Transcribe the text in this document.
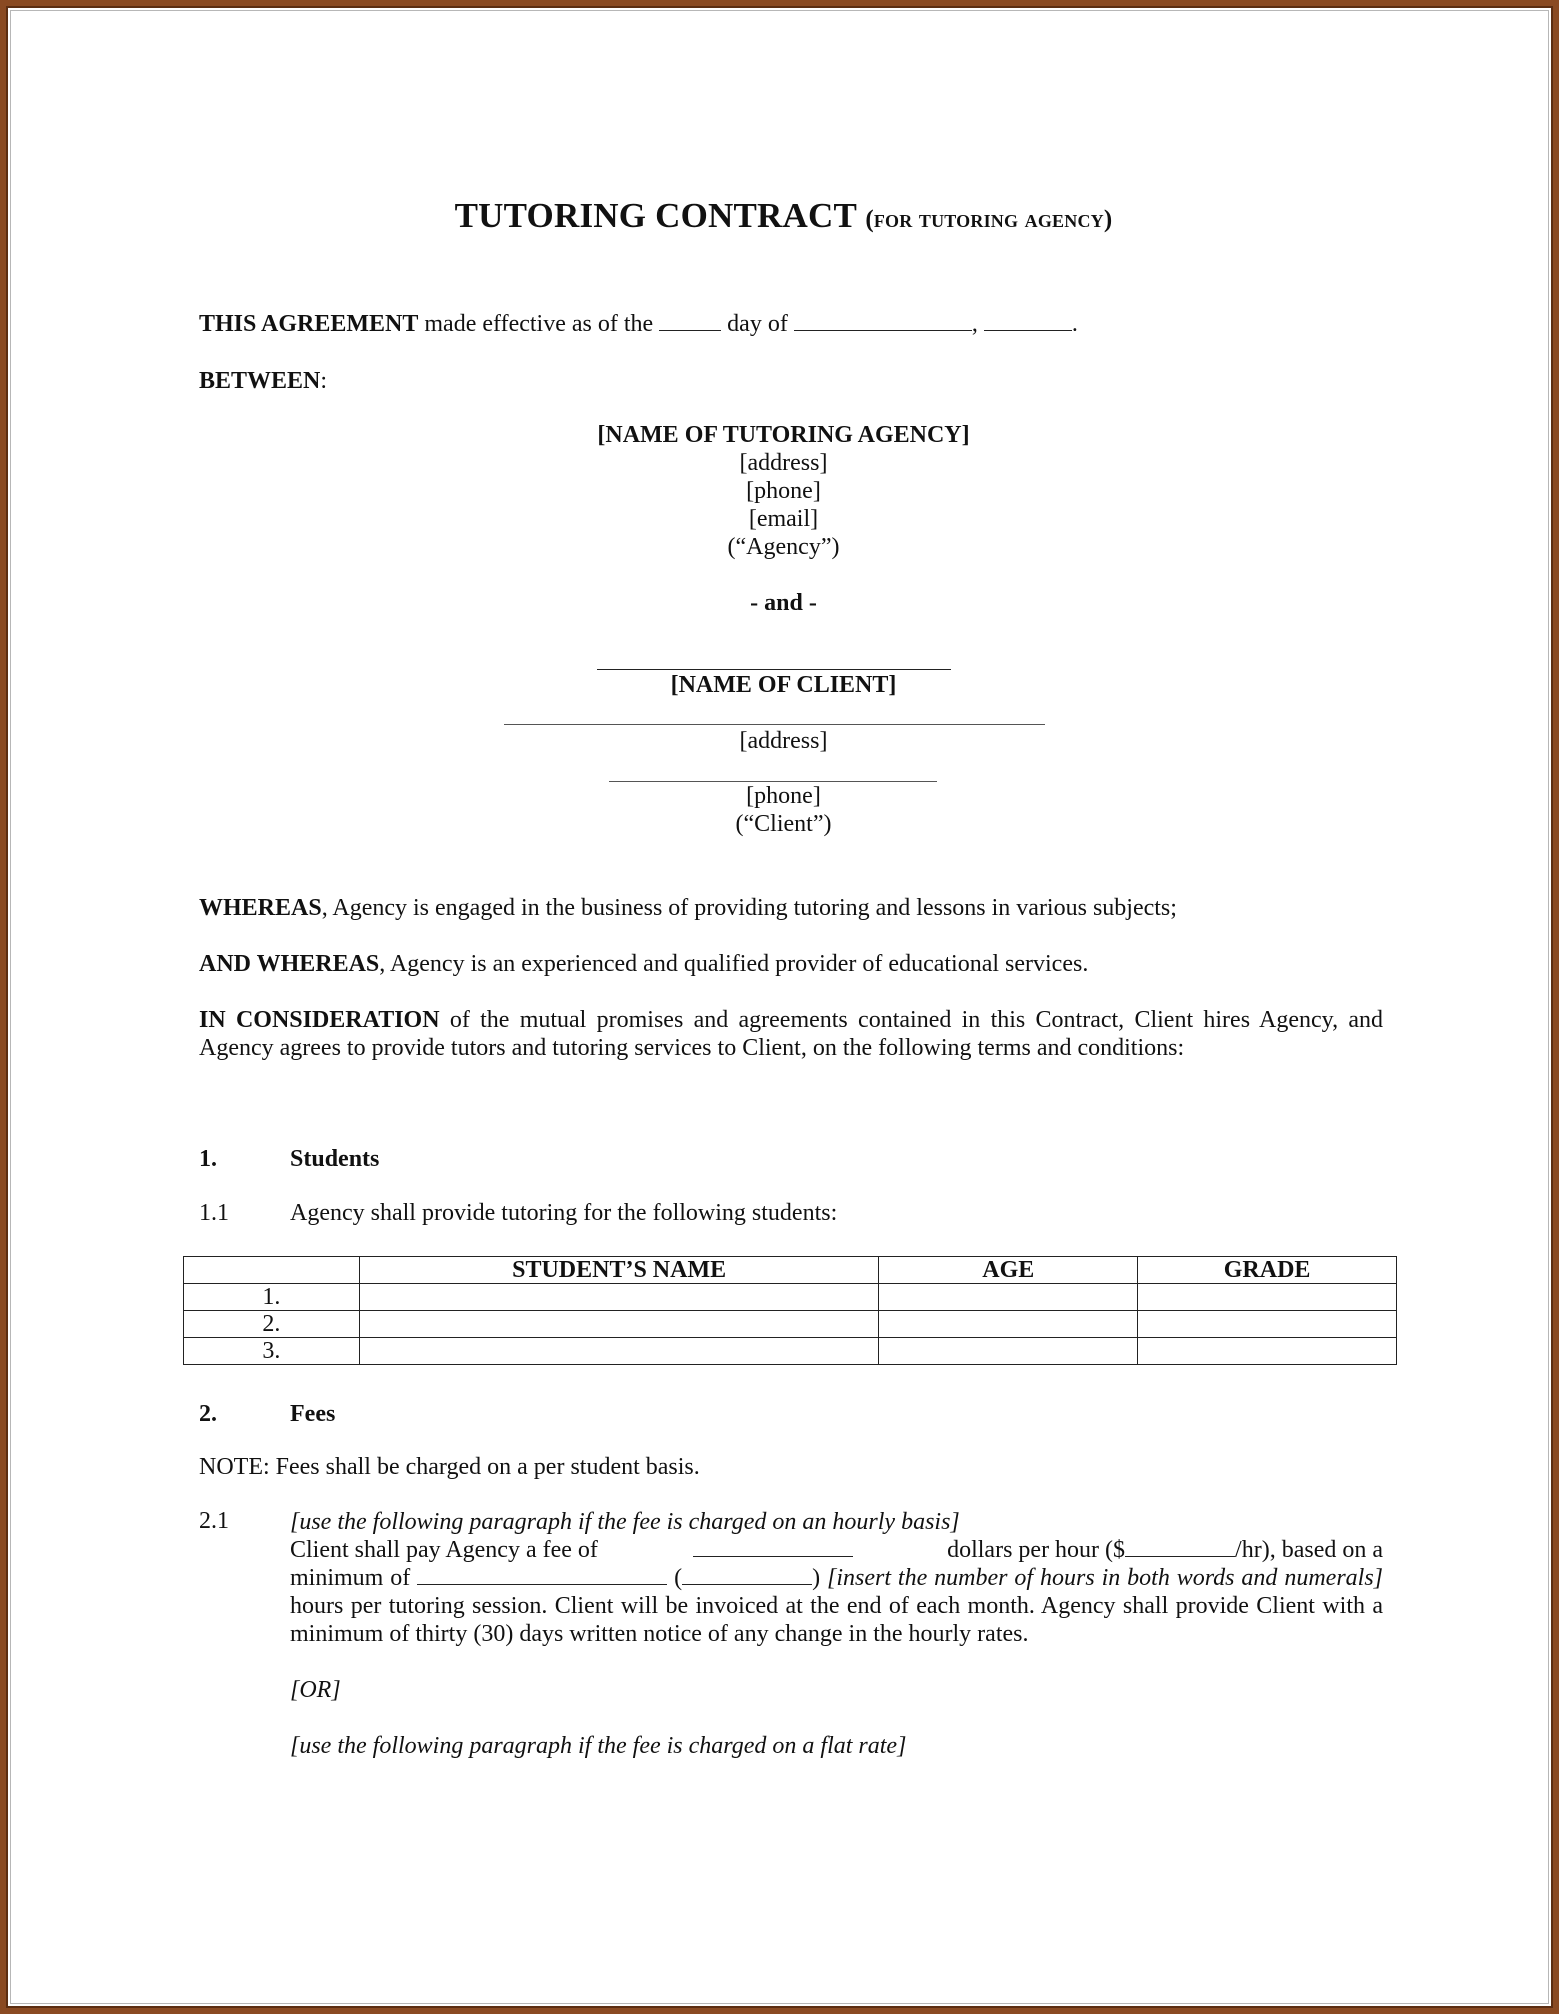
TUTORING CONTRACT (for tutoring agency)
THIS AGREEMENT made effective as of the	day of	,	.
BETWEEN:
[NAME OF TUTORING AGENCY]
[address]
[phone]
[email]
(“Agency”)
- and -
[NAME OF CLIENT]
[address]
[phone]
(“Client”)
WHEREAS, Agency is engaged in the business of providing tutoring and lessons in various subjects;
AND WHEREAS, Agency is an experienced and qualified provider of educational services.
IN CONSIDERATION of the mutual promises and agreements contained in this Contract, Client hires Agency, and Agency agrees to provide tutors and tutoring services to Client, on the following terms and conditions:
1.	Students
1.1	Agency shall provide tutoring for the following students:
	STUDENT’S NAME	AGE	GRADE
1.			
2.			
3.			
2.	Fees
NOTE: Fees shall be charged on a per student basis.
2.1	[use the following paragraph if the fee is charged on an hourly basis]
Client shall pay Agency a fee of	dollars per hour ($	/hr), based on a
minimum of	(	) [insert the number of hours in both words and numerals] hours per tutoring session. Client will be invoiced at the end of each month. Agency shall provide Client with a minimum of thirty (30) days written notice of any change in the hourly rates.
[OR]
[use the following paragraph if the fee is charged on a flat rate]
